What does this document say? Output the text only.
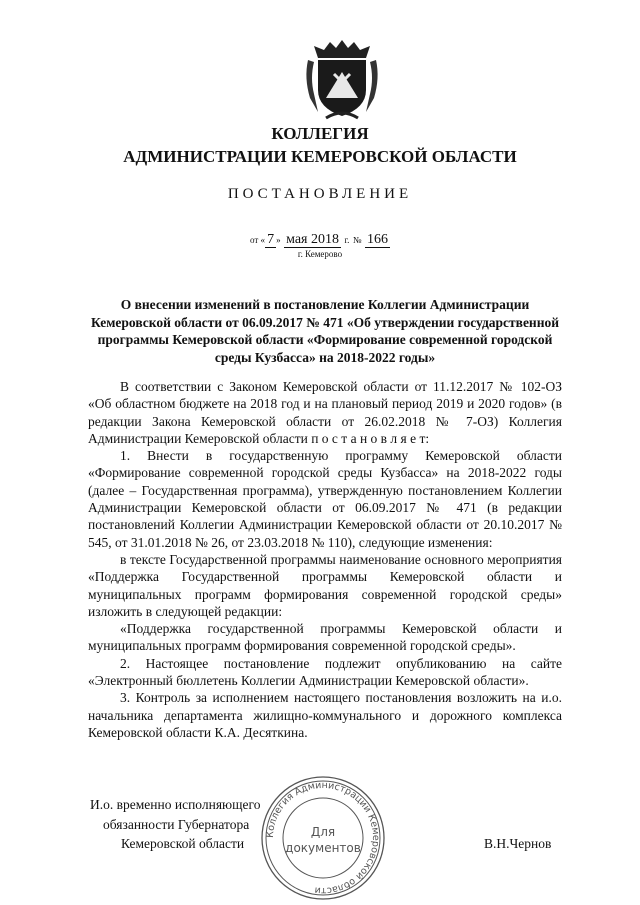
КОЛЛЕГИЯ
АДМИНИСТРАЦИИ КЕМЕРОВСКОЙ ОБЛАСТИ
ПОСТАНОВЛЕНИЕ
от « 7 » мая 2018 г. № 166
г. Кемерово
О внесении изменений в постановление Коллегии Администрации Кемеровской области от 06.09.2017 № 471 «Об утверждении государственной программы Кемеровской области «Формирование современной городской среды Кузбасса» на 2018-2022 годы»

В соответствии с Законом Кемеровской области от 11.12.2017 № 102-ОЗ «Об областном бюджете на 2018 год и на плановый период 2019 и 2020 годов» (в редакции Закона Кемеровской области от 26.02.2018 № 7-ОЗ) Коллегия Администрации Кемеровской области п о с т а н о в л я е т:

1. Внести в государственную программу Кемеровской области «Формирование современной городской среды Кузбасса» на 2018-2022 годы (далее – Государственная программа), утвержденную постановлением Коллегии Администрации Кемеровской области от 06.09.2017 № 471 (в редакции постановлений Коллегии Администрации Кемеровской области от 20.10.2017 № 545, от 31.01.2018 № 26, от 23.03.2018 № 110), следующие изменения:

в тексте Государственной программы наименование основного мероприятия «Поддержка Государственной программы Кемеровской области и муниципальных программ формирования современной городской среды» изложить в следующей редакции:

«Поддержка государственной программы Кемеровской области и муниципальных программ формирования современной городской среды».

2. Настоящее постановление подлежит опубликованию на сайте «Электронный бюллетень Коллегии Администрации Кемеровской области».

3. Контроль за исполнением настоящего постановления возложить на и.о. начальника департамента жилищно-коммунального и дорожного комплекса Кемеровской области К.А. Десяткина.

И.о. временно исполняющего
обязанности Губернатора
Кемеровской области	В.Н.Чернов
Коллегия Администрации Кемеровской области
Для
документов
